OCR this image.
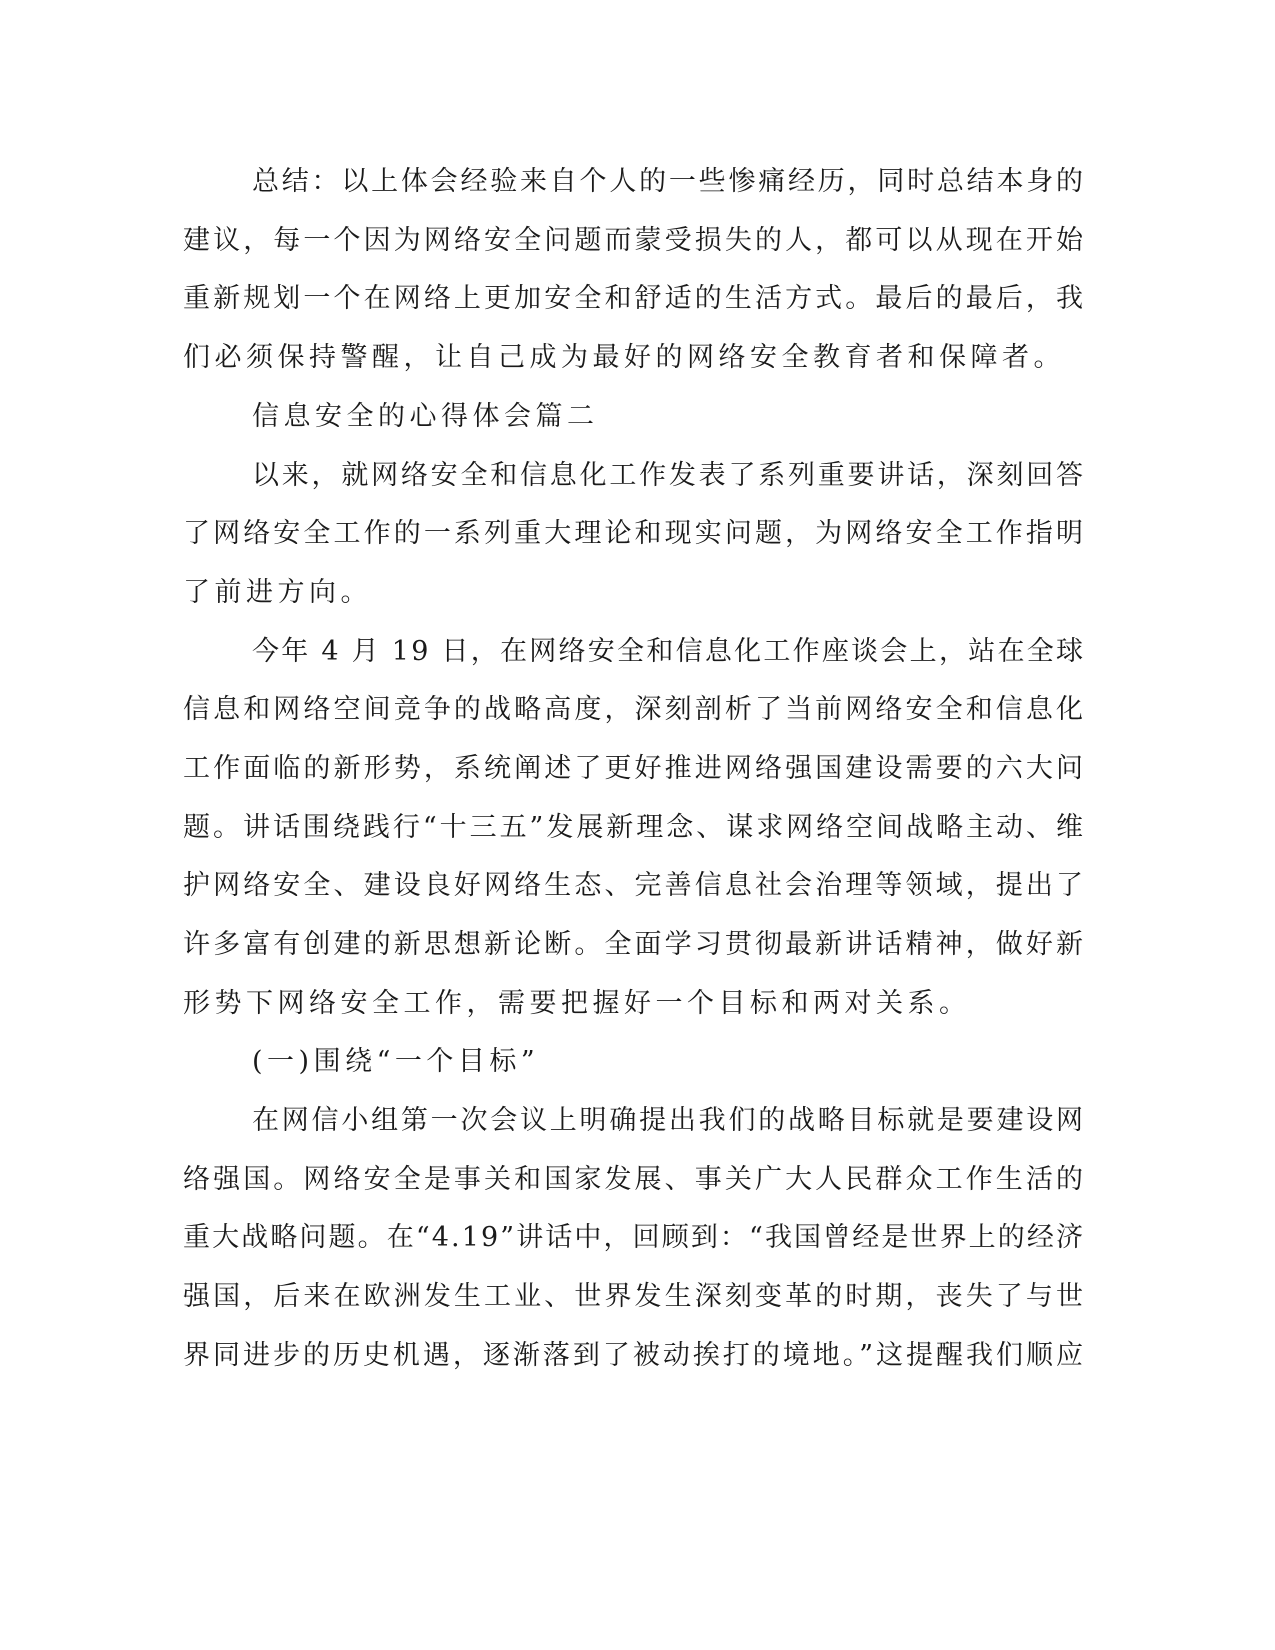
总结：以上体会经验来自个人的一些惨痛经历，同时总结本身的
建议，每一个因为网络安全问题而蒙受损失的人，都可以从现在开始
重新规划一个在网络上更加安全和舒适的生活方式。最后的最后，我
们必须保持警醒，让自己成为最好的网络安全教育者和保障者。
信息安全的心得体会篇二
以来，就网络安全和信息化工作发表了系列重要讲话，深刻回答
了网络安全工作的一系列重大理论和现实问题，为网络安全工作指明
了前进方向。
今年 4 月 19 日，在网络安全和信息化工作座谈会上，站在全球
信息和网络空间竞争的战略高度，深刻剖析了当前网络安全和信息化
工作面临的新形势，系统阐述了更好推进网络强国建设需要的六大问
题。讲话围绕践行“十三五”发展新理念、谋求网络空间战略主动、维
护网络安全、建设良好网络生态、完善信息社会治理等领域，提出了
许多富有创建的新思想新论断。全面学习贯彻最新讲话精神，做好新
形势下网络安全工作，需要把握好一个目标和两对关系。
(一)围绕“一个目标”
在网信小组第一次会议上明确提出我们的战略目标就是要建设网
络强国。网络安全是事关和国家发展、事关广大人民群众工作生活的
重大战略问题。在“4.19”讲话中，回顾到：“我国曾经是世界上的经济
强国，后来在欧洲发生工业、世界发生深刻变革的时期，丧失了与世
界同进步的历史机遇，逐渐落到了被动挨打的境地。”这提醒我们顺应
